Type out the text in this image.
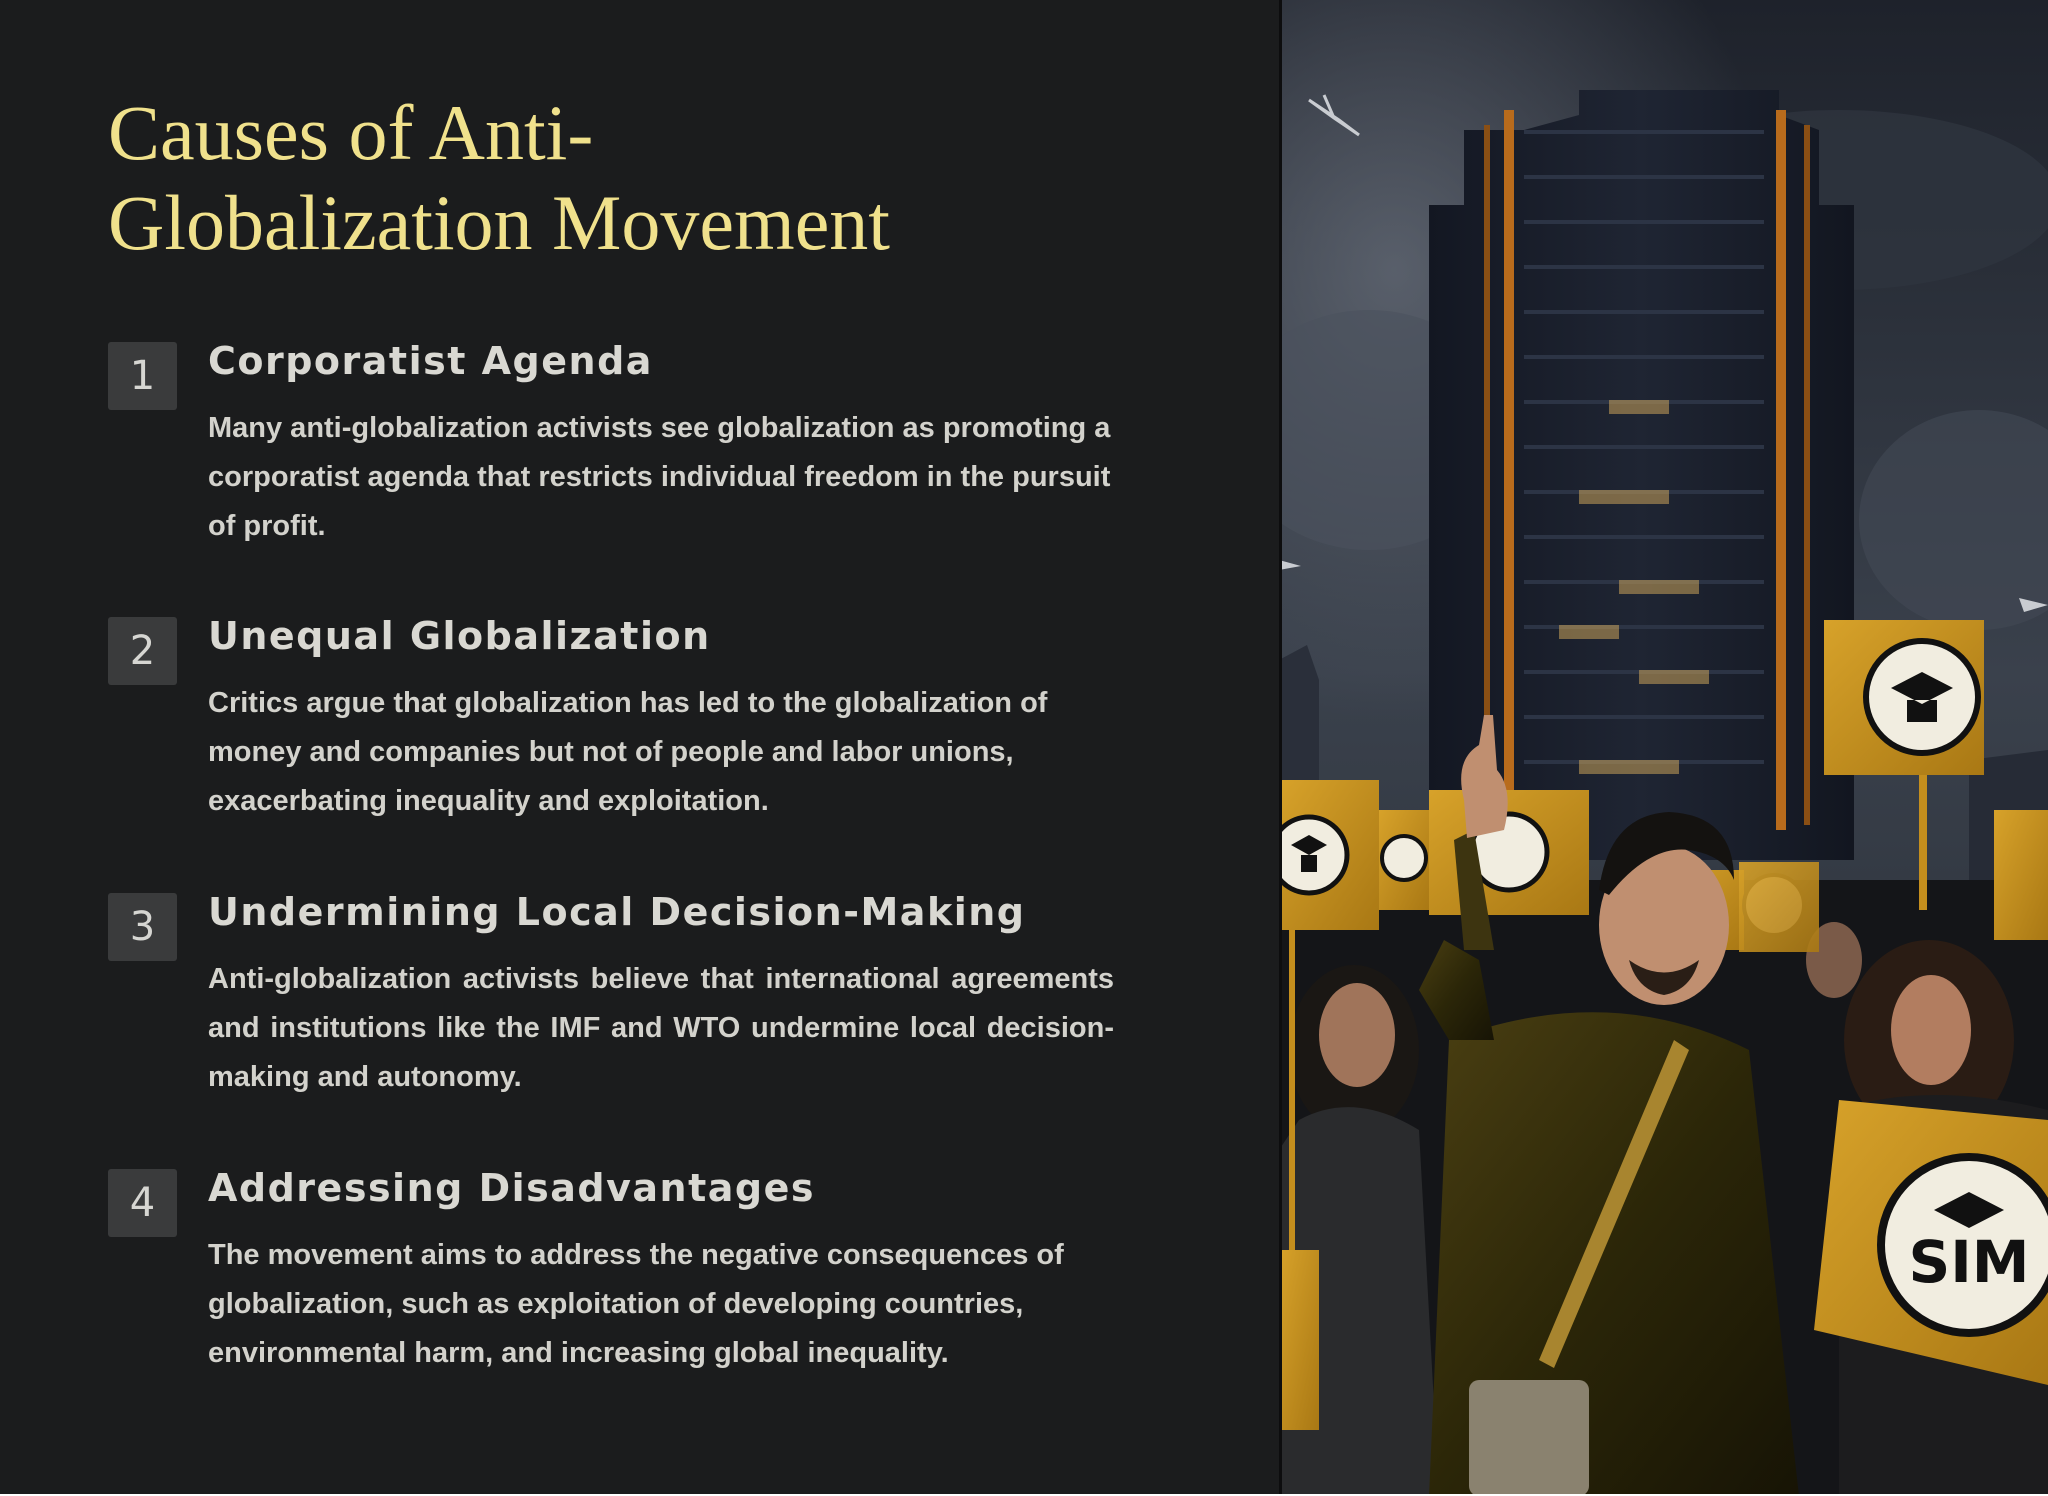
Causes of Anti-
Globalization Movement
1	Corporatist Agenda

Many anti-globalization activists see globalization as promoting a
corporatist agenda that restricts individual freedom in the pursuit
of profit.

2	Unequal Globalization

Critics argue that globalization has led to the globalization of
money and companies but not of people and labor unions,
exacerbating inequality and exploitation.

3	Undermining Local Decision-Making

Anti-globalization activists believe that international agreements and institutions like the IMF and WTO undermine local decision- making and autonomy.

4	Addressing Disadvantages

The movement aims to address the negative consequences of
globalization, such as exploitation of developing countries,
environmental harm, and increasing global inequality.

SIM
